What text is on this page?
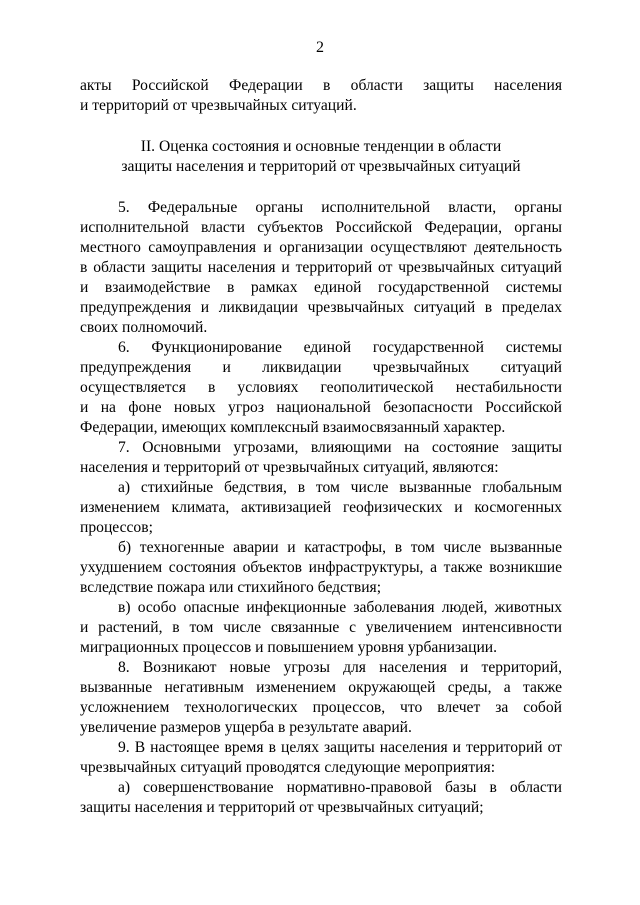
2
акты Российской Федерации в области защиты населения
и территорий от чрезвычайных ситуаций.
II. Оценка состояния и основные тенденции в области
защиты населения и территорий от чрезвычайных ситуаций
5. Федеральные органы исполнительной власти, органы
исполнительной власти субъектов Российской Федерации, органы
местного самоуправления и организации осуществляют деятельность
в области защиты населения и территорий от чрезвычайных ситуаций
и взаимодействие в рамках единой государственной системы
предупреждения и ликвидации чрезвычайных ситуаций в пределах
своих полномочий.
6. Функционирование единой государственной системы
предупреждения и ликвидации чрезвычайных ситуаций
осуществляется в условиях геополитической нестабильности
и на фоне новых угроз национальной безопасности Российской
Федерации, имеющих комплексный взаимосвязанный характер.
7. Основными угрозами, влияющими на состояние защиты
населения и территорий от чрезвычайных ситуаций, являются:
а) стихийные бедствия, в том числе вызванные глобальным
изменением климата, активизацией геофизических и космогенных
процессов;
б) техногенные аварии и катастрофы, в том числе вызванные
ухудшением состояния объектов инфраструктуры, а также возникшие
вследствие пожара или стихийного бедствия;
в) особо опасные инфекционные заболевания людей, животных
и растений, в том числе связанные с увеличением интенсивности
миграционных процессов и повышением уровня урбанизации.
8. Возникают новые угрозы для населения и территорий,
вызванные негативным изменением окружающей среды, а также
усложнением технологических процессов, что влечет за собой
увеличение размеров ущерба в результате аварий.
9. В настоящее время в целях защиты населения и территорий от
чрезвычайных ситуаций проводятся следующие мероприятия:
а) совершенствование нормативно-правовой базы в области
защиты населения и территорий от чрезвычайных ситуаций;
